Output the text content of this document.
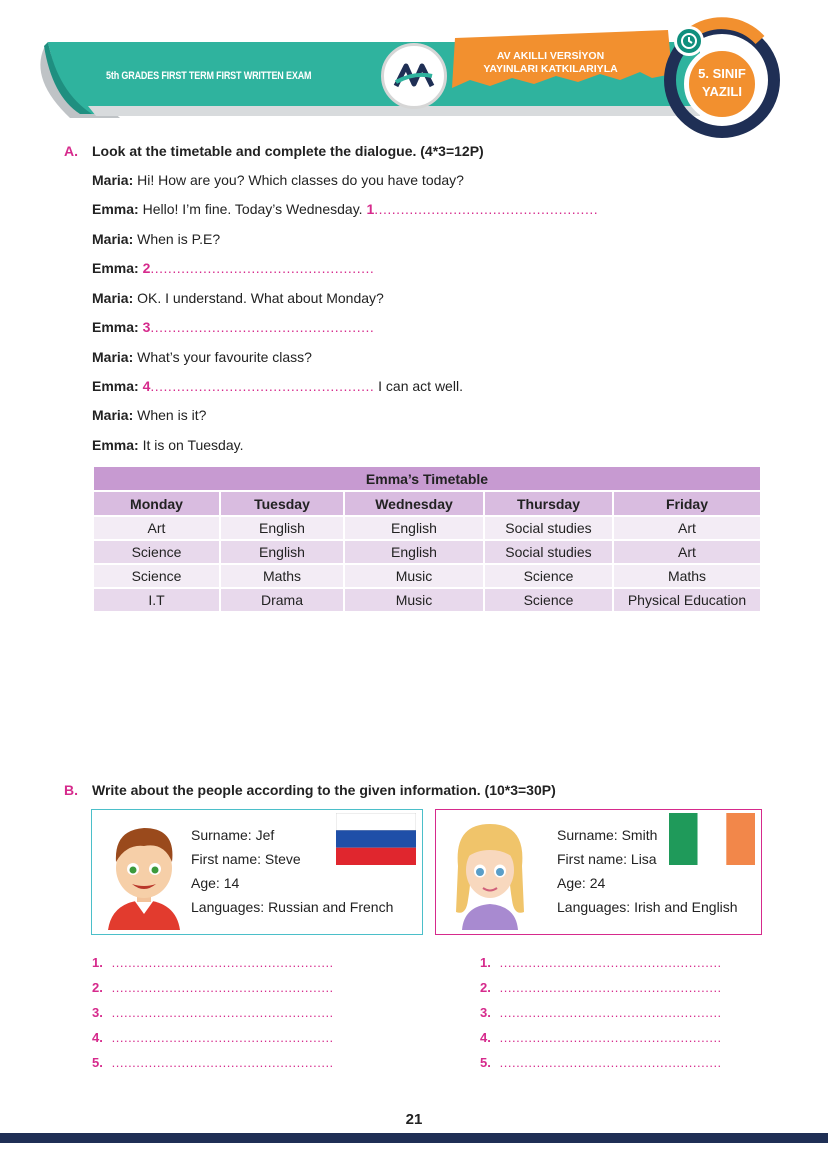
5th GRADES FIRST TERM FIRST WRITTEN EXAM
AV AKILLI VERSİYON
YAYINLARI KATKILARIYLA	5. SINIF
YAZILI
A. Look at the timetable and complete the dialogue. (4*3=12P)
Maria: Hi! How are you? Which classes do you have today?
Emma: Hello! I’m fine. Today’s Wednesday. 1...................................................
Maria: When is P.E?
Emma: 2...................................................
Maria: OK. I understand. What about Monday?
Emma: 3...................................................
Maria: What’s your favourite class?
Emma: 4................................................... I can act well.
Maria: When is it?
Emma: It is on Tuesday.
Emma’s Timetable				
Monday	Tuesday	Wednesday	Thursday	Friday
Art	English	English	Social studies	Art
Science	English	English	Social studies	Art
Science	Maths	Music	Science	Maths
I.T	Drama	Music	Science	Physical Education
B. Write about the people according to the given information. (10*3=30P)
Surname: Jef
First name: Steve
Age: 14
Languages: Russian and French
Surname: Smith
First name: Lisa
Age: 24
Languages: Irish and English
1. ......................................................
2. ......................................................
3. ......................................................
4. ......................................................
5. ......................................................
1. ......................................................
2. ......................................................
3. ......................................................
4. ......................................................
5. ......................................................
21
